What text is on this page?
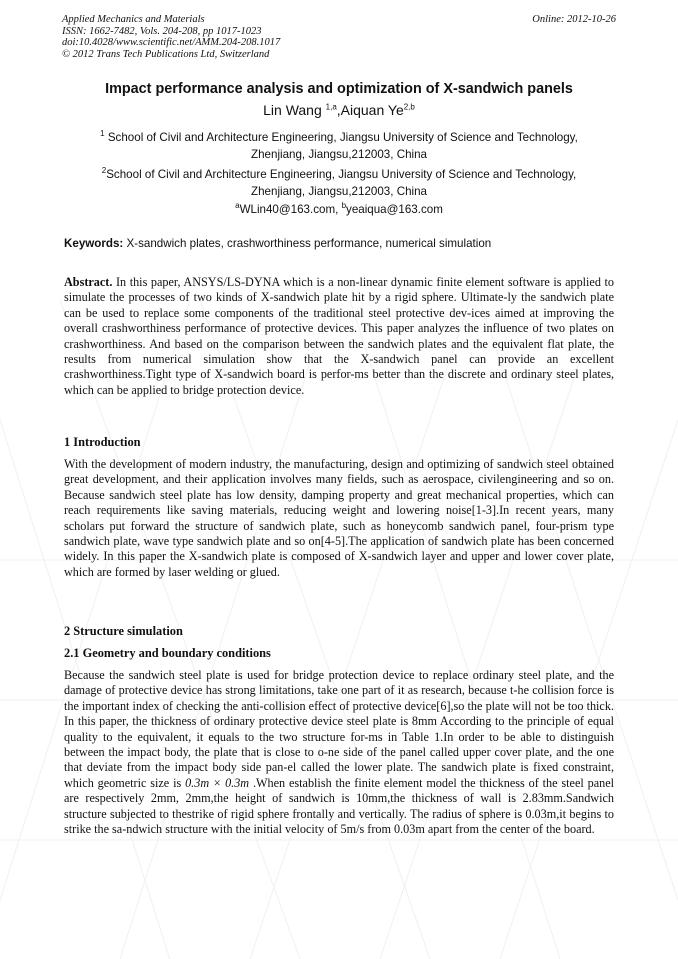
Applied Mechanics and Materials
ISSN: 1662-7482, Vols. 204-208, pp 1017-1023
doi:10.4028/www.scientific.net/AMM.204-208.1017
© 2012 Trans Tech Publications Ltd, Switzerland
Online: 2012-10-26
Impact performance analysis and optimization of X-sandwich panels
Lin Wang $^{1,a}$,Aiquan Ye$^{2,b}$
$^1$ School of Civil and Architecture Engineering, Jiangsu University of Science and Technology,
Zhenjiang, Jiangsu,212003, China
$^2$School of Civil and Architecture Engineering, Jiangsu University of Science and Technology,
Zhenjiang, Jiangsu,212003, China
$^a$WLin40@163.com, $^b$yeaiqua@163.com
Keywords: X-sandwich plates, crashworthiness performance, numerical simulation
Abstract. In this paper, ANSYS/LS-DYNA which is a non-linear dynamic finite element software is applied to simulate the processes of two kinds of X-sandwich plate hit by a rigid sphere. Ultimate-ly the sandwich plate can be used to replace some components of the traditional steel protective dev-ices aimed at improving the overall crashworthiness performance of protective devices. This paper analyzes the influence of two plates on crashworthiness. And based on the comparison between the sandwich plates and the equivalent flat plate, the results from numerical simulation show that the X-sandwich panel can provide an excellent crashworthiness.Tight type of X-sandwich board is perfor-ms better than the discrete and ordinary steel plates, which can be applied to bridge protection device.
1 Introduction
With the development of modern industry, the manufacturing, design and optimizing of sandwich steel obtained great development, and their application involves many fields, such as aerospace, civilengineering and so on. Because sandwich steel plate has low density, damping property and great mechanical properties, which can reach requirements like saving materials, reducing weight and lowering noise[1-3].In recent years, many scholars put forward the structure of sandwich plate, such as honeycomb sandwich panel, four-prism type sandwich plate, wave type sandwich plate and so on[4-5].The application of sandwich plate has been concerned widely. In this paper the X-sandwich plate is composed of X-sandwich layer and upper and lower cover plate, which are formed by laser welding or glued.
2 Structure simulation
2.1 Geometry and boundary conditions
Because the sandwich steel plate is used for bridge protection device to replace ordinary steel plate, and the damage of protective device has strong limitations, take one part of it as research, because t-he collision force is the important index of checking the anti-collision effect of protective device[6],so the plate will not be too thick. In this paper, the thickness of ordinary protective device steel plate is 8mm According to the principle of equal quality to the equivalent, it equals to the two structure for-ms in Table 1.In order to be able to distinguish between the impact body, the plate that is close to o-ne side of the panel called upper cover plate, and the one that deviate from the impact body side pan-el called the lower plate. The sandwich plate is fixed constraint, which geometric size is 0.3m × 0.3m .When establish the finite element model the thickness of the steel panel are respectively 2mm, 2mm,the height of sandwich is 10mm,the thickness of wall is 2.83mm.Sandwich structure subjected to thestrike of rigid sphere frontally and vertically. The radius of sphere is 0.03m,it begins to strike the sa-ndwich structure with the initial velocity of 5m/s from 0.03m apart from the center of the board.
